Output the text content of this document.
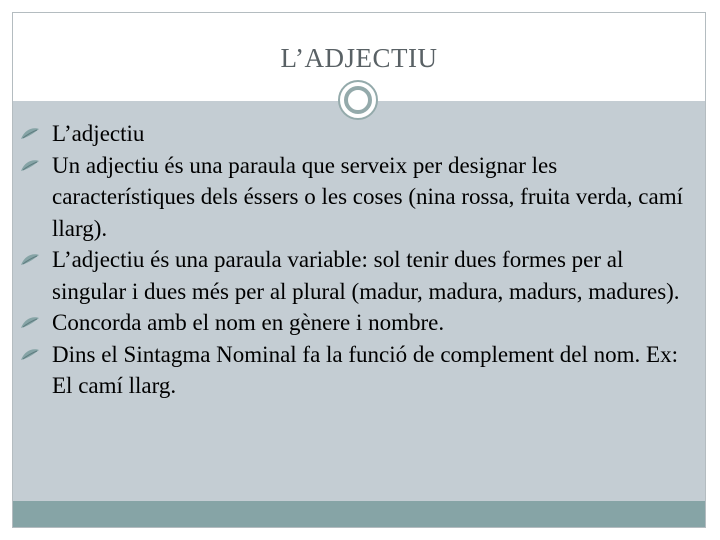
L’ADJECTIU
L’adjectiu
Un adjectiu és una paraula que serveix per designar les característiques dels éssers o les coses (nina rossa, fruita verda, camí llarg).
L’adjectiu és una paraula variable: sol tenir dues formes per al singular i dues més per al plural (madur, madura, madurs, madures).
Concorda amb el nom en gènere i nombre.
Dins el Sintagma Nominal fa la funció de complement del nom. Ex: El camí llarg.
